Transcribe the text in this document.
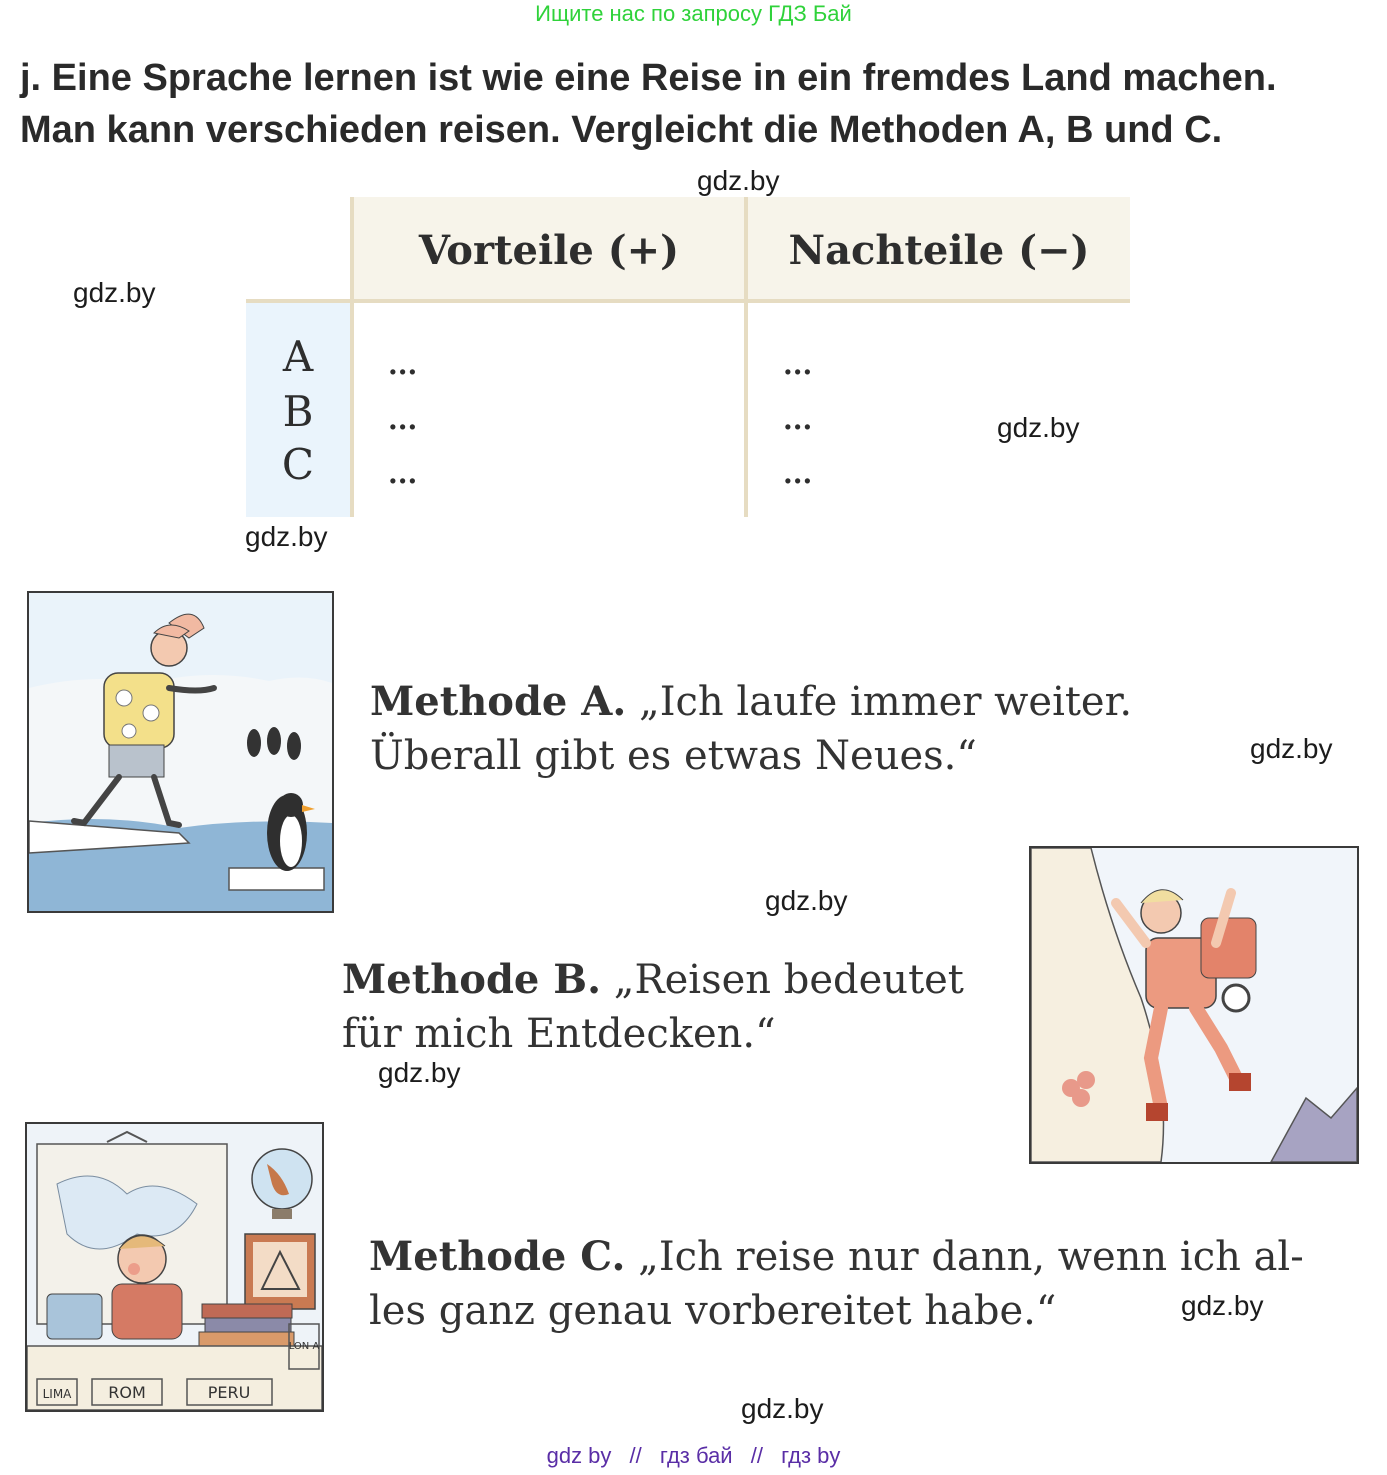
Ищите нас по запросу ГДЗ Бай
j. Eine Sprache lernen ist wie eine Reise in ein fremdes Land machen.
Man kann verschieden reisen. Vergleicht die Methoden A, B und C.
gdz.by
gdz.by
gdz.by
gdz.by
gdz.by
gdz.by
gdz.by
gdz.by
gdz.by
Vorteile (+)	Nachteile (−)
A
B
C
...
...
...
...
...
...
Methode A. „Ich laufe immer weiter.
Überall gibt es etwas Neues.“
Methode B. „Reisen bedeutet
für mich Entdecken.“
ROM	PERU
LIMA
LON A
Methode C. „Ich reise nur dann, wenn ich al-
les ganz genau vorbereitet habe.“
gdz by // гдз бай // гдз by
